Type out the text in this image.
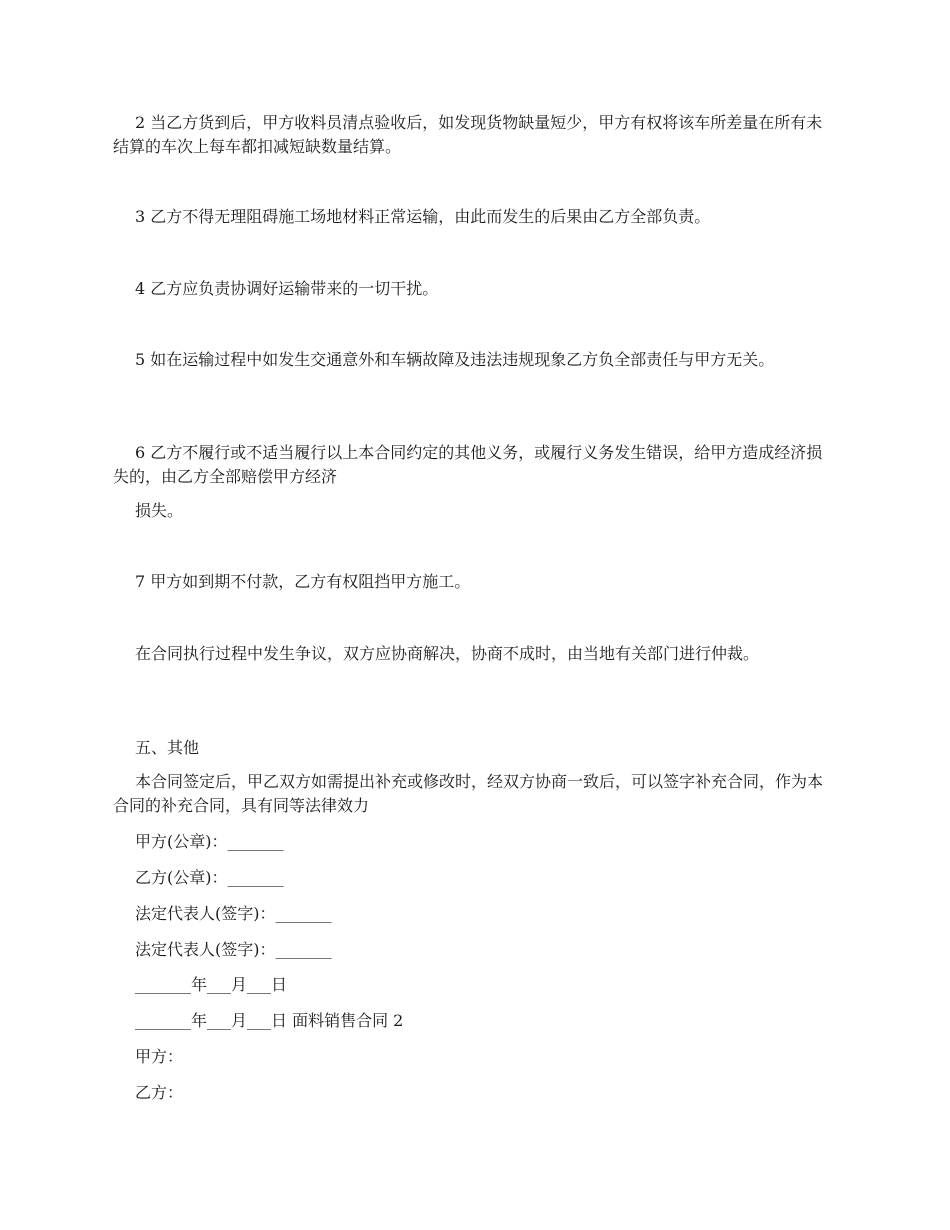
2 当乙方货到后，甲方收料员清点验收后，如发现货物缺量短少，甲方有权将该车所差量在所有未结算的车次上每车都扣减短缺数量结算。

3 乙方不得无理阻碍施工场地材料正常运输，由此而发生的后果由乙方全部负责。

4 乙方应负责协调好运输带来的一切干扰。

5 如在运输过程中如发生交通意外和车辆故障及违法违规现象乙方负全部责任与甲方无关。

6 乙方不履行或不适当履行以上本合同约定的其他义务，或履行义务发生错误，给甲方造成经济损失的，由乙方全部赔偿甲方经济

损失。

7 甲方如到期不付款，乙方有权阻挡甲方施工。

在合同执行过程中发生争议，双方应协商解决，协商不成时，由当地有关部门进行仲裁。

五、其他

本合同签定后，甲乙双方如需提出补充或修改时，经双方协商一致后，可以签字补充合同，作为本合同的补充合同，具有同等法律效力

甲方(公章)：_______

乙方(公章)：_______

法定代表人(签字)：_______

法定代表人(签字)：_______

_______年___月___日

_______年___月___日 面料销售合同 2

甲方：

乙方：
